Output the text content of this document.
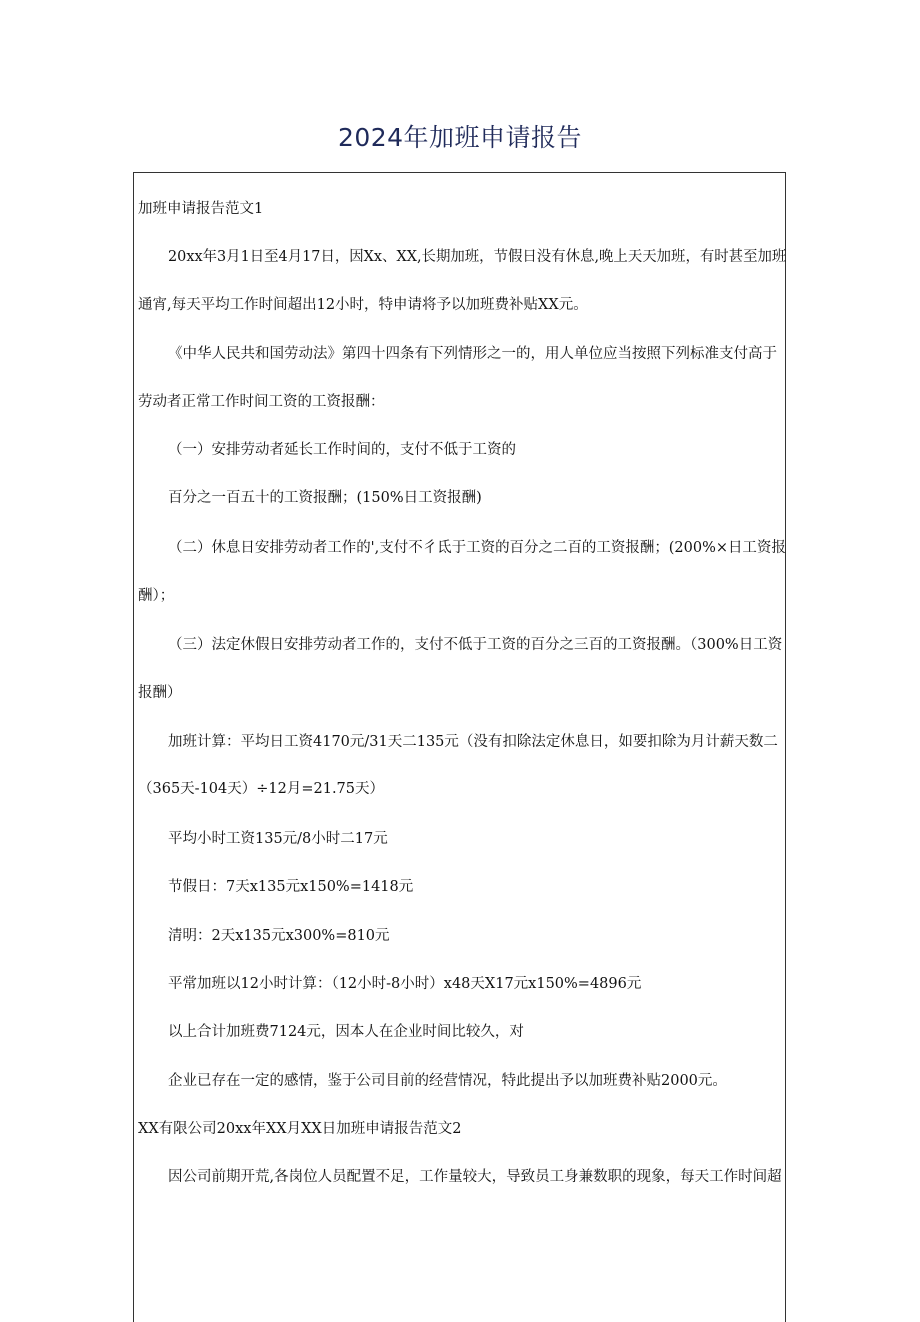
2024年加班申请报告
加班申请报告范文1
20xx年3月1日至4月17日，因Xx、XX,长期加班，节假日没有休息,晚上天天加班，有时甚至加班
通宵,每天平均工作时间超出12小时，特申请将予以加班费补贴XX元。
《中华人民共和国劳动法》第四十四条有下列情形之一的，用人单位应当按照下列标准支付高于
劳动者正常工作时间工资的工资报酬：
（一）安排劳动者延长工作时间的，支付不低于工资的
百分之一百五十的工资报酬；(150%日工资报酬)
（二）休息日安排劳动者工作的',支付不彳氐于工资的百分之二百的工资报酬；(200%×日工资报
酬）；
（三）法定休假日安排劳动者工作的，支付不低于工资的百分之三百的工资报酬。（300%日工资
报酬）
加班计算：平均日工资4170元/31天二135元（没有扣除法定休息日，如要扣除为月计薪天数二
（365天-104天）÷12月=21.75天）
平均小时工资135元/8小时二17元
节假日：7天x135元x150%=1418元
清明：2天x135元x300%=810元
平常加班以12小时计算：（12小时-8小时）x48天X17元x150%=4896元
以上合计加班费7124元，因本人在企业时间比较久，对
企业已存在一定的感情，鉴于公司目前的经营情况，特此提出予以加班费补贴2000元。
XX有限公司20xx年XX月XX日加班申请报告范文2
因公司前期开荒,各岗位人员配置不足，工作量较大，导致员工身兼数职的现象，每天工作时间超
